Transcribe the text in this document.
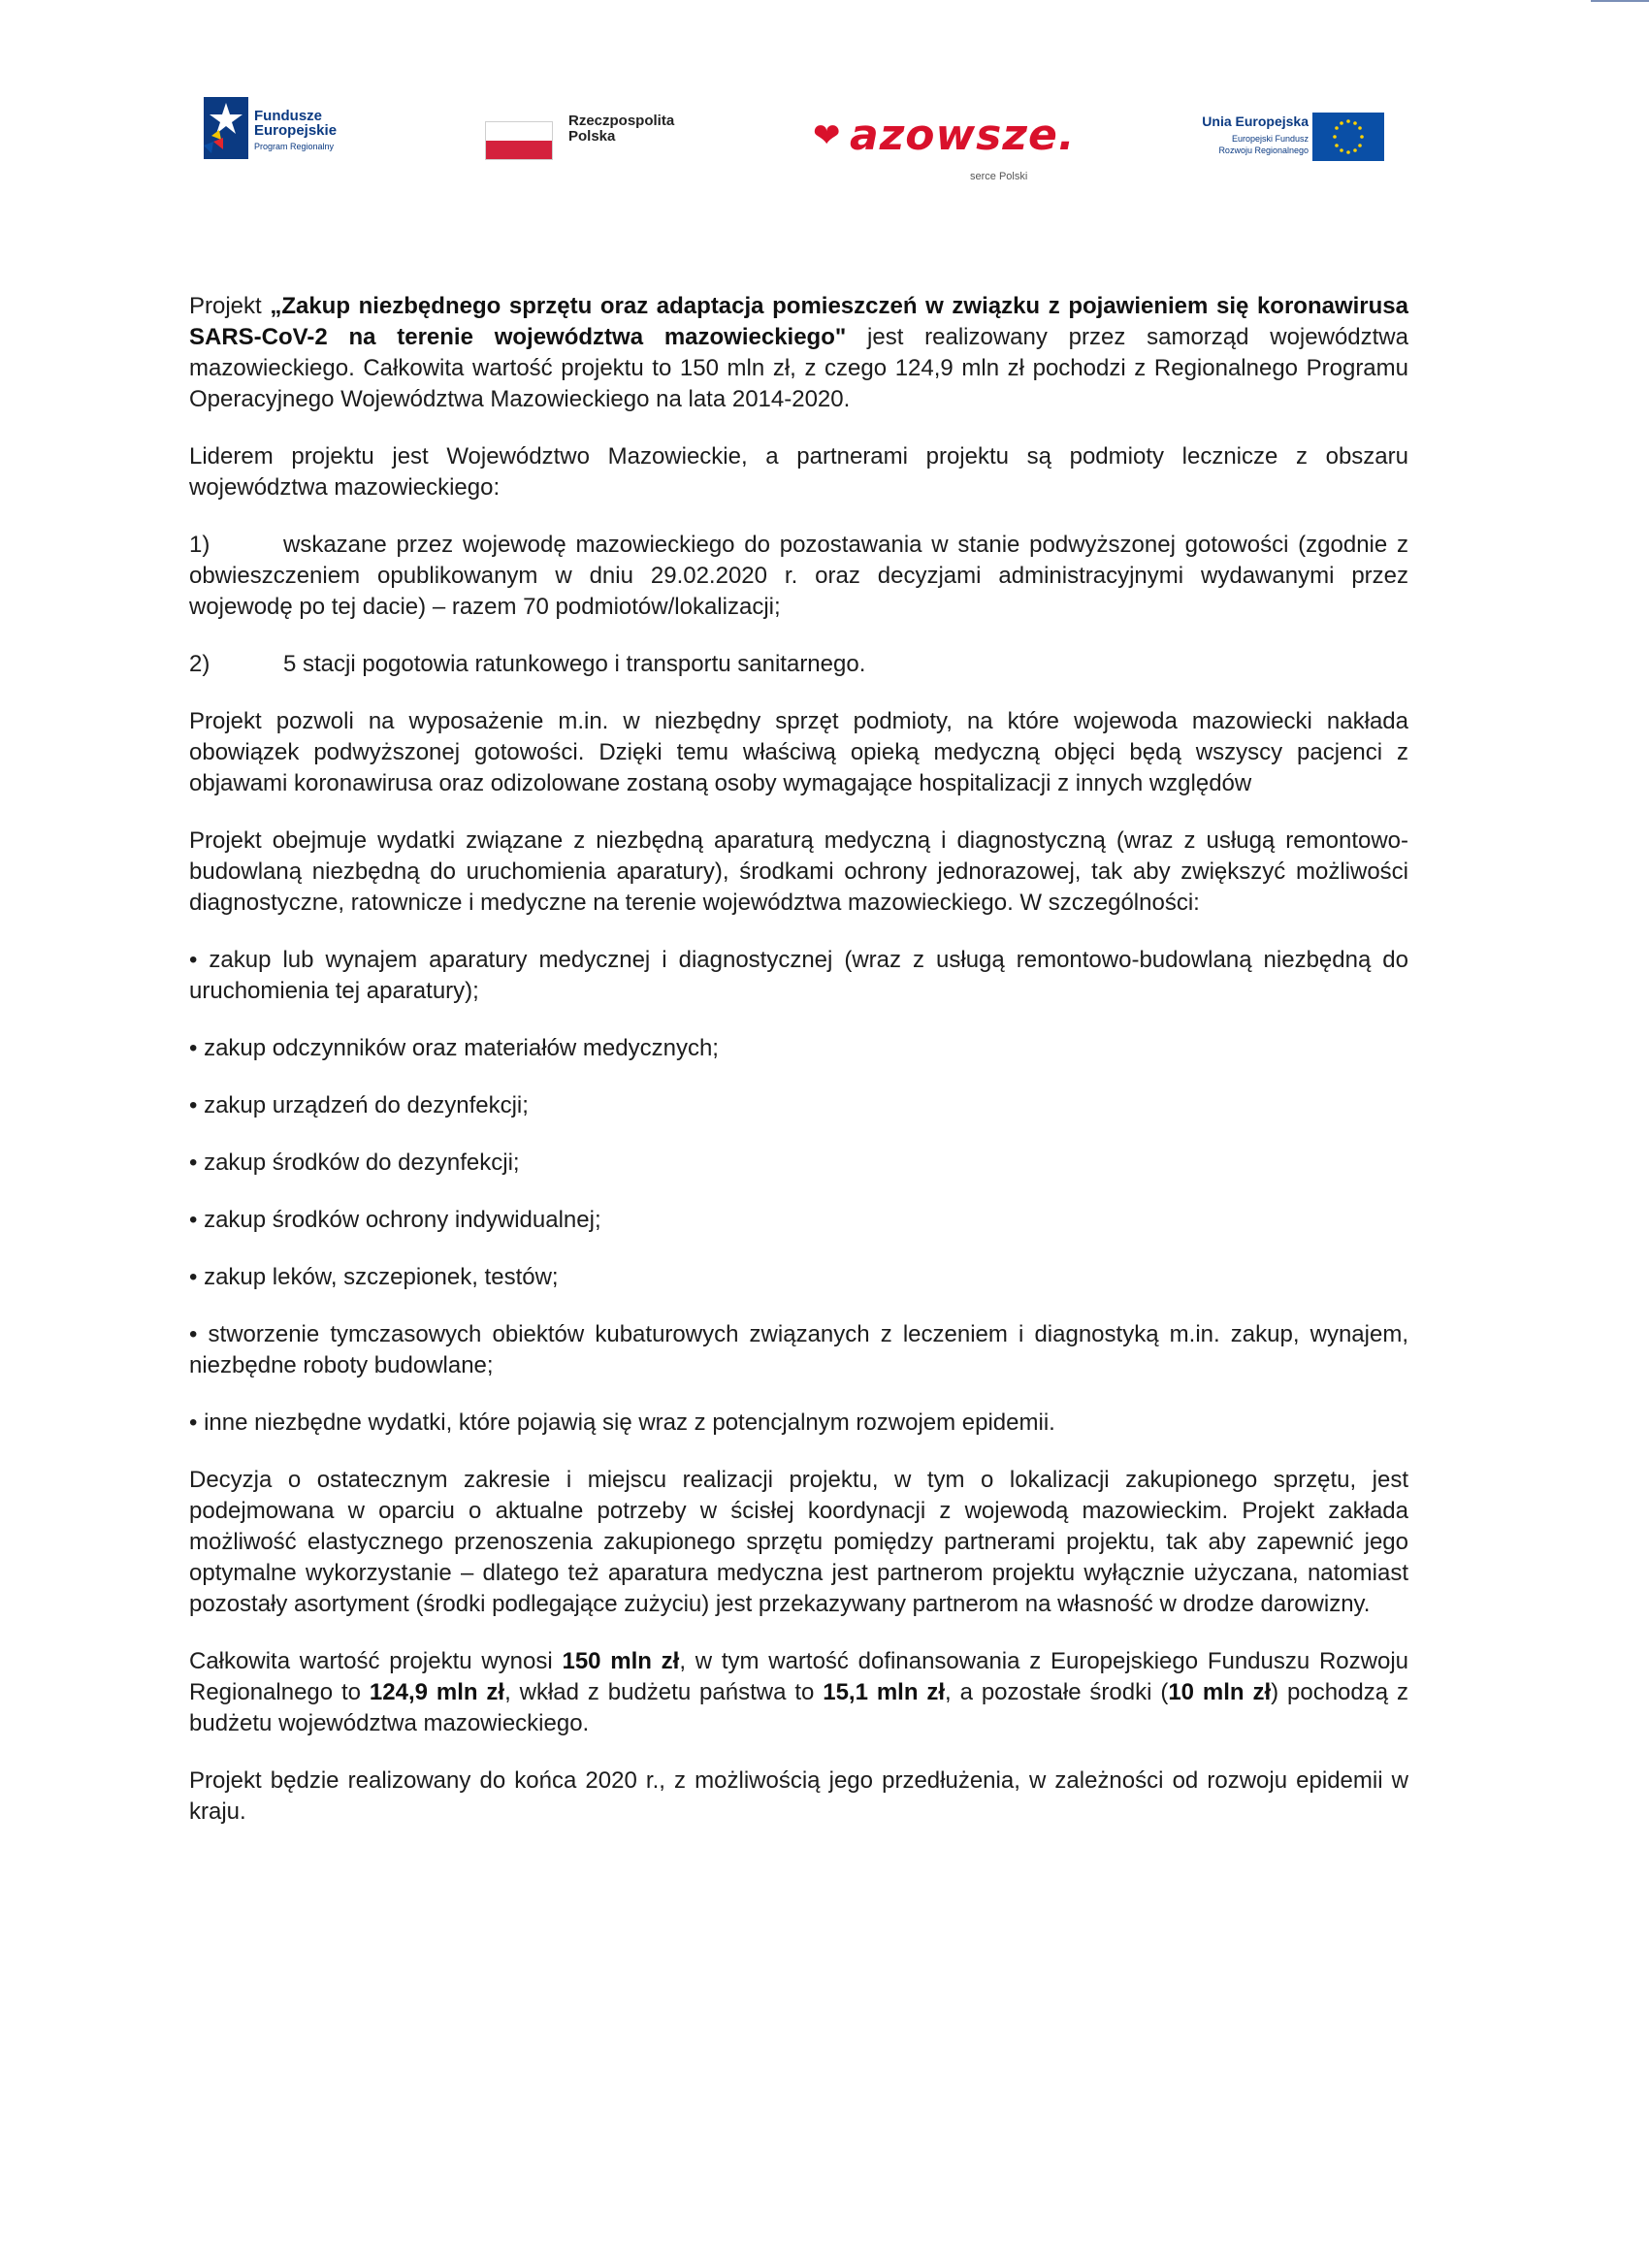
Fundusze
Europejskie
Program Regionalny
Rzeczpospolita
Polska	❤ azowsze.
serce Polski
Unia Europejska
Europejski Fundusz
Rozwoju Regionalnego

Projekt „Zakup niezbędnego sprzętu oraz adaptacja pomieszczeń w związku z pojawieniem się koronawirusa SARS-CoV-2 na terenie województwa mazowieckiego" jest realizowany przez samorząd województwa mazowieckiego. Całkowita wartość projektu to 150 mln zł, z czego 124,9 mln zł pochodzi z Regionalnego Programu Operacyjnego Województwa Mazowieckiego na lata 2014-2020.

Liderem projektu jest Województwo Mazowieckie, a partnerami projektu są podmioty lecznicze z obszaru województwa mazowieckiego:

1)	wskazane przez wojewodę mazowieckiego do pozostawania w stanie podwyższonej gotowości (zgodnie z obwieszczeniem opublikowanym w dniu 29.02.2020 r. oraz decyzjami administracyjnymi wydawanymi przez wojewodę po tej dacie) – razem 70 podmiotów/lokalizacji;

2)	5 stacji pogotowia ratunkowego i transportu sanitarnego.

Projekt pozwoli na wyposażenie m.in. w niezbędny sprzęt podmioty, na które wojewoda mazowiecki nakłada obowiązek podwyższonej gotowości. Dzięki temu właściwą opieką medyczną objęci będą wszyscy pacjenci z objawami koronawirusa oraz odizolowane zostaną osoby wymagające hospitalizacji z innych względów

Projekt obejmuje wydatki związane z niezbędną aparaturą medyczną i diagnostyczną (wraz z usługą remontowo-budowlaną niezbędną do uruchomienia aparatury), środkami ochrony jednorazowej, tak aby zwiększyć możliwości diagnostyczne, ratownicze i medyczne na terenie województwa mazowieckiego. W szczególności:

• zakup lub wynajem aparatury medycznej i diagnostycznej (wraz z usługą remontowo-budowlaną niezbędną do uruchomienia tej aparatury);

• zakup odczynników oraz materiałów medycznych;

• zakup urządzeń do dezynfekcji;

• zakup środków do dezynfekcji;

• zakup środków ochrony indywidualnej;

• zakup leków, szczepionek, testów;

• stworzenie tymczasowych obiektów kubaturowych związanych z leczeniem i diagnostyką m.in. zakup, wynajem, niezbędne roboty budowlane;

• inne niezbędne wydatki, które pojawią się wraz z potencjalnym rozwojem epidemii.

Decyzja o ostatecznym zakresie i miejscu realizacji projektu, w tym o lokalizacji zakupionego sprzętu, jest podejmowana w oparciu o aktualne potrzeby w ścisłej koordynacji z wojewodą mazowieckim. Projekt zakłada możliwość elastycznego przenoszenia zakupionego sprzętu pomiędzy partnerami projektu, tak aby zapewnić jego optymalne wykorzystanie – dlatego też aparatura medyczna jest partnerom projektu wyłącznie użyczana, natomiast pozostały asortyment (środki podlegające zużyciu) jest przekazywany partnerom na własność w drodze darowizny.

Całkowita wartość projektu wynosi 150 mln zł, w tym wartość dofinansowania z Europejskiego Funduszu Rozwoju Regionalnego to 124,9 mln zł, wkład z budżetu państwa to 15,1 mln zł, a pozostałe środki (10 mln zł) pochodzą z budżetu województwa mazowieckiego.

Projekt będzie realizowany do końca 2020 r., z możliwością jego przedłużenia, w zależności od rozwoju epidemii w kraju.
